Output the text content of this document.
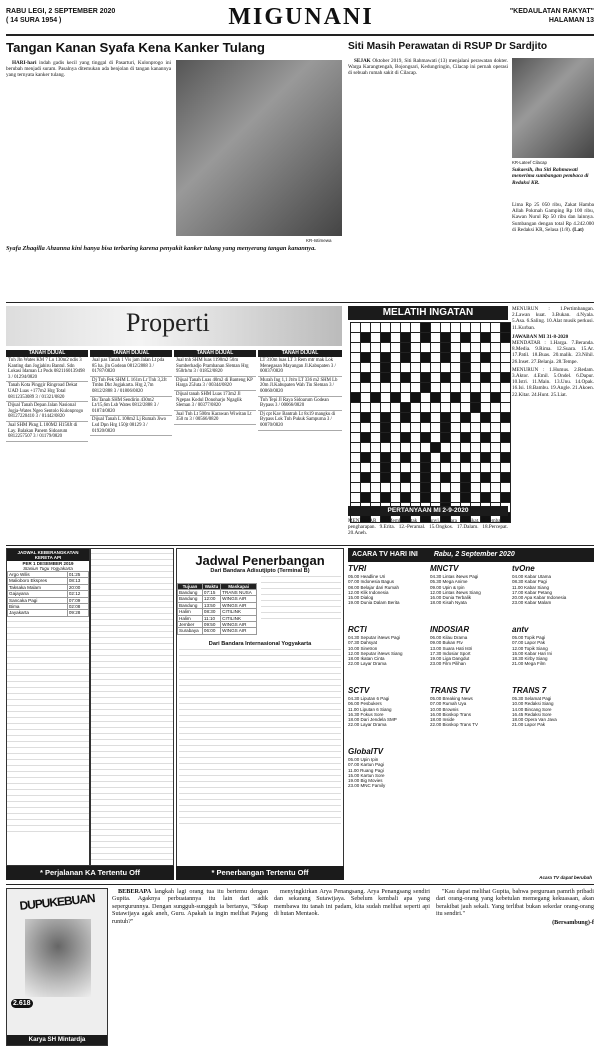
RABU LEGI, 2 SEPTEMBER 2020
( 14 SURA 1954 )	MIGUNANI	"KEDAULATAN RAKYAT"
HALAMAN 13
Tangan Kanan Syafa Kena Kanker Tulang

HARI-hari indah gadis kecil yang tinggal di Pasarturi, Kulonprogo ini berubah menjadi suram. Pasalnya ditemukan ada benjolan di tangan kanannya yang ternyata kanker tulang.

KR-Istimewa
Syafa Zhaqilla Ahzanna kini hanya bisa terbaring karena penyakit kanker tulang yang menyerang tangan kanannya.
Siti Masih Perawatan di RSUP Dr Sardjito

SEJAK Oktober 2019, Siti Rahmawati (13) menjalani perawatan dokter. Warga Karangtengah, Bojongsari, Kedungringin, Cilacap ini pernah operasi di sebuah rumah sakit di Cilacap.

KR-Lateef Cilacap
Sukaesih, ibu Siti Rahmawati menerima sumbangan pembaca di Redaksi KR.
Lima Rp 25 050 ribu, Zakat Hamba Allah Pokmah Gamping Rp 100 ribu, Kawan Nurul Rp 50 ribu dan lainnya. Sumbangan dengan total Rp 4.242.000 di Redaksi KR, Selasa (1/8). (Lat)
Properti
TANAH DIJUAL
Tnh Jln Wates KM 7 Lu 130m2 ndis 3 Kanting dan Jogjahiru Bantul. Sdn Lokasi Idaman Lt Pnds 0821160139498 3 / 01294/0820
Tanah Kota Pinggir Ringroad Dekat UAD Luas +177m2 Hrg Total 08112353089 3 / 01321/0820
Dijual Tanah Depan Jalan Nasional Jogja-Wates Ngeo Sentolo Kulonprogo 08127220410 3 / 01442/0820
Jual SHM Pkng L 100M2 H150Jt di Lay. Balakan Panem Sidoarum 0812257507 3 / 01179/0820
TANAH DIJUAL
Jual pas Tanah 1 Vis jam Jalan Lt pda 85 ha. jln Godean 0812/2888 3 / 01787/0820
Dj Tnh Pek SHM L 161m Lr Tnh 3,2Jt Tmbn Dkt Jogjakarta. Hrg 2,7m 0812/2888 3 / 01806/0820
Bu Tanah SHM Sendirin 430m2 Lt/15,6m Lsb Wates 0812/2888 3 / 01874/0820
Dijual Tanah L 108m2 Lj Rumah Jiwo Lsd Dpn Hrg 150jt 08129 3 / 01920/0820
TANAH DIJUAL
Jual tnh SHM luas 1190m2 50m Sumberhadjo Prambanan Sleman Hrg 950rb/m 3 / 01852/0820
Dijual Tanah Luas 40m2 di Banteng KP Harga 25Juta 3 / 00344/0820
Dijual tanah SHM Luas 173m2 Jl Ngepas Kodul Donoharjo Ngaglik Sleman 3 / 00377/0820
Jual Tnh Lt 500m Karawan Wiwitan Lt 350 m 3 / 00566/0820
TANAH DIJUAL
LT 310m luas LT 3 Rem mtr mak Lok Menegasan Mayangan Jl.Kabupaten 3 / 00037/0820
Murah Ing 1,1 Jt/m LT 336 m2 SHM Lb 20m Jl.Kabupaten Wah Tin Sleman 3 / 00060/0820
Tnh Tepi Jl Raya Sidoarum Godean Bypass 3 / 00066/0820
Dj cpt Kav Bantrah Lt 8x19 mangku di Bypass Lok Tnh Pukuk Sampurna 3 / 00070/0820
MELATIH INGATAN

																MENURUN : 1.Pertimbangan. 2.Lawan kuat. 3.Bukan. 4.Nyala. 5.Asa. 6.Saling. 10.Alat musik perkusi. 11.Kurban.
JAWABAN MI 31-8-2020
MENDATAR : 1.Harga. 7.Beranda. 8.Media. 9.Rima. 12.Suara. 15.Ar. 17.Patil. 18.Buas. 20.malik. 23.Nihil. 26.Inset. 27.Belanja. 28.Tempe.
MENURUN : 1.Humus. 2.Redam. 3.Aktor. 4.Emil. 5.Ondel. 6.Dapur. 10.Istri. 11.Main. 13.Unu. 14.Opak. 16.Isi. 18.Bambu. 19.Angle. 21.Akoen. 22.Kitar. 24.Hunt. 25.Liat.
PERTANYAAN MI 2-9-2020
MENDATAR : 1.Membuat tak berbunyi. 7.Cara memikat. 8.Tembakan pengharapan. 9.Erita. 12.-Peramal. 15.Ongkos. 17.Dalam. 18.Percepat. 20.Aneh.
JADWAL KEBERANGKATAN KERETA API
PER 1 DESEMBER 2019
Stasiun Tugu Yogyakarta
Argo Wilis	01:25
Malioboro Ekspres	08:13
Taksaka Malam	20:00
Gajayana	02:12
Sancaka Pagi	07:09
Bima	02:08
Jayakarta	09:28
* Perjalanan KA Tertentu Off
Jadwal Penerbangan
Dari Bandara Adisutjipto (Terminal B)
Tujuan	Waktu	Maskapai
Bandung	07:15	TRANS NUSA
Bandung	12:00	WINGS AIR
Bandung	13:50	WINGS AIR
Halim	08:30	CITILINK
Halim	11:10	CITILINK
Jember	09:50	WINGS AIR
Surabaya	06:00	WINGS AIR
Dari Bandara Internasional Yogyakarta
* Penerbangan Tertentu Off
ACARA TV HARI INI Rabu, 2 September 2020
TVRI
05.00 Headline Uri
07.00 Indonesia Bagus
08.00 Belajar dari Rumah
12.00 Klik Indonesia
15.00 Dialog
19.00 Dunia Dalam Berita
MNCTV
04.30 Lintas iNews Pagi
05.30 Mega Anime
09.00 Upin & Ipin
12.00 Lintas iNews Siang
16.00 Dunia Terbalik
18.00 Kisah Nyata
tvOne
04.00 Kabar Utama
08.30 Kabar Pagi
11.00 Kabar Siang
17.00 Kabar Petang
20.00 Apa Kabar Indonesia
23.00 Kabar Malam
RCTI
04.30 Seputar iNews Pagi
07.30 Dahsyat
10.00 Sinetron
12.00 Seputar iNews Siang
18.00 Ikatan Cinta
22.00 Layar Drama
INDOSIAR
06.00 Kilau Drama
09.00 Bukan Ftv
13.00 Suara Hati Istri
17.30 Indosiar Sport
19.00 Liga Dangdut
23.00 Film Pilihan
antv
05.00 Topik Pagi
07.00 Lapor Pak
12.00 Topik Siang
15.00 Kabar Hari Ini
18.30 Kirby Siang
21.00 Mega Film
SCTV
04.30 Liputan 6 Pagi
06.00 Pesbukers
11.00 Liputan 6 Siang
16.30 Fokus Sore
18.00 Dari Jendela SMP
22.00 Layar Drama
TRANS TV
05.00 Breaking News
07.00 Rumah Uya
10.00 Brownis
16.00 Bioskop Trans
18.00 Inside
22.00 Bioskop Trans TV
TRANS 7
05.30 Selamat Pagi
10.00 Redaksi Siang
14.00 Bincang Sore
16.45 Redaksi Sore
18.00 Opera Van Java
21.00 Lapor Pak
GlobalTV
05.00 Upin Ipin
07.00 Kartun Pagi
11.00 Ruang Pagi
15.00 Kartun Sore
19.00 Big Movies
23.00 MNC Family
Acara TV dapat berubah
DUPUKEBUAN
2.618
Karya SH Mintardja

BEBERAPA langkah lagi orang tua itu bertemu dengan Gupita. Agaknya perbuatannya itu lain dari adik sepergurunnya. Dengan sungguh-sungguh ia bertanya, "Sikap Sutawijaya agak aneh, Guru. Apakah ia ingin melihat Pajang runtuh?"

menyingkirkan Arya Penangsang. Arya Penangsang sendiri dan sekarang Sutawijaya. Sebelum kembali apa yang membawa itu tanah ini padam, kita sudah melihat seperti api di hutan Mentaok.

"Kau dapat melihat Gupita, bahwa perguruan pamrih pribadi dari orang-orang yang kebetulan memegang kekuasaan, akan berakibat jauh sekali. Yang terlibat bukan sekedar orang-orang itu sendiri."

(Bersambung)-f
